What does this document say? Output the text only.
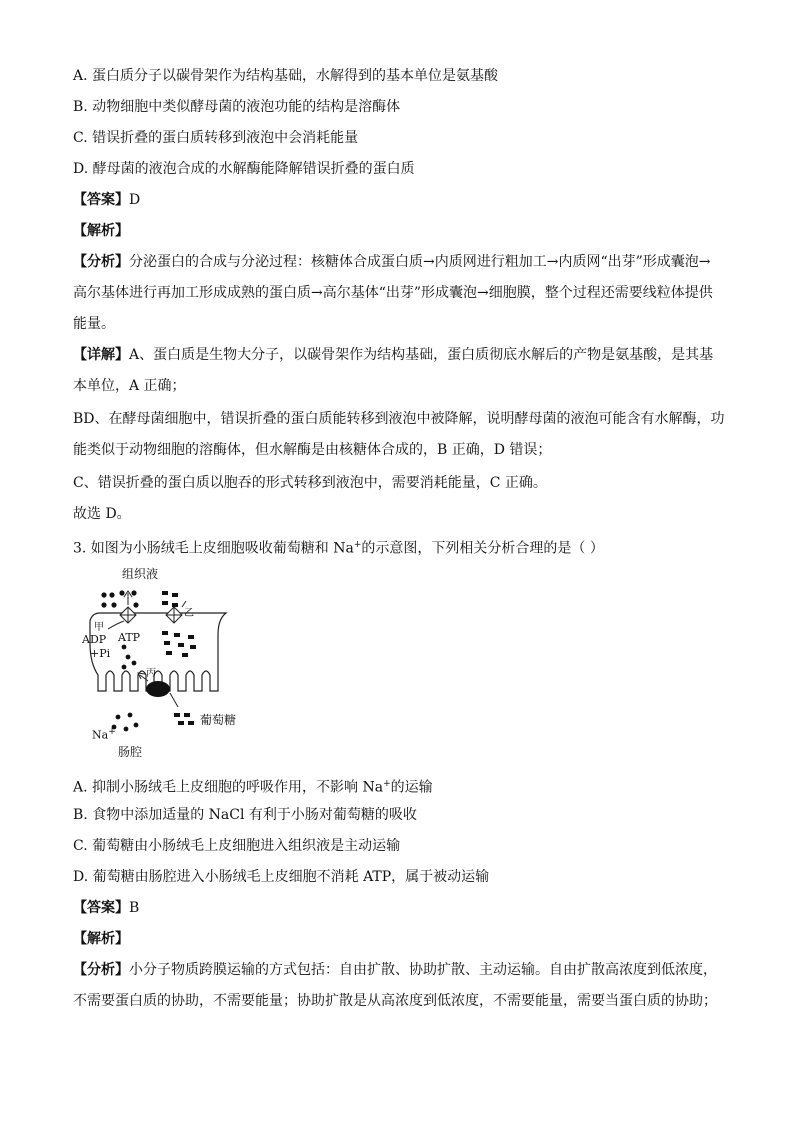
A. 蛋白质分子以碳骨架作为结构基础，水解得到的基本单位是氨基酸
B. 动物细胞中类似酵母菌的液泡功能的结构是溶酶体
C. 错误折叠的蛋白质转移到液泡中会消耗能量
D. 酵母菌的液泡合成的水解酶能降解错误折叠的蛋白质
【答案】D
【解析】
【分析】分泌蛋白的合成与分泌过程：核糖体合成蛋白质→内质网进行粗加工→内质网“出芽”形成囊泡→
高尔基体进行再加工形成成熟的蛋白质→高尔基体“出芽”形成囊泡→细胞膜，整个过程还需要线粒体提供
能量。
【详解】A、蛋白质是生物大分子，以碳骨架作为结构基础，蛋白质彻底水解后的产物是氨基酸，是其基
本单位，A 正确；
BD、在酵母菌细胞中，错误折叠的蛋白质能转移到液泡中被降解，说明酵母菌的液泡可能含有水解酶，功
能类似于动物细胞的溶酶体，但水解酶是由核糖体合成的，B 正确，D 错误；
C、错误折叠的蛋白质以胞吞的形式转移到液泡中，需要消耗能量，C 正确。
故选 D。
3. 如图为小肠绒毛上皮细胞吸收葡萄糖和 Na+的示意图，下列相关分析合理的是（ ）
组织液
甲
乙
丙
ADP
+Pi
ATP
葡萄糖
Na+
肠腔
A. 抑制小肠绒毛上皮细胞的呼吸作用，不影响 Na+的运输
B. 食物中添加适量的 NaCl 有利于小肠对葡萄糖的吸收
C. 葡萄糖由小肠绒毛上皮细胞进入组织液是主动运输
D. 葡萄糖由肠腔进入小肠绒毛上皮细胞不消耗 ATP，属于被动运输
【答案】B
【解析】
【分析】小分子物质跨膜运输的方式包括：自由扩散、协助扩散、主动运输。自由扩散高浓度到低浓度，
不需要蛋白质的协助，不需要能量；协助扩散是从高浓度到低浓度，不需要能量，需要当蛋白质的协助；
